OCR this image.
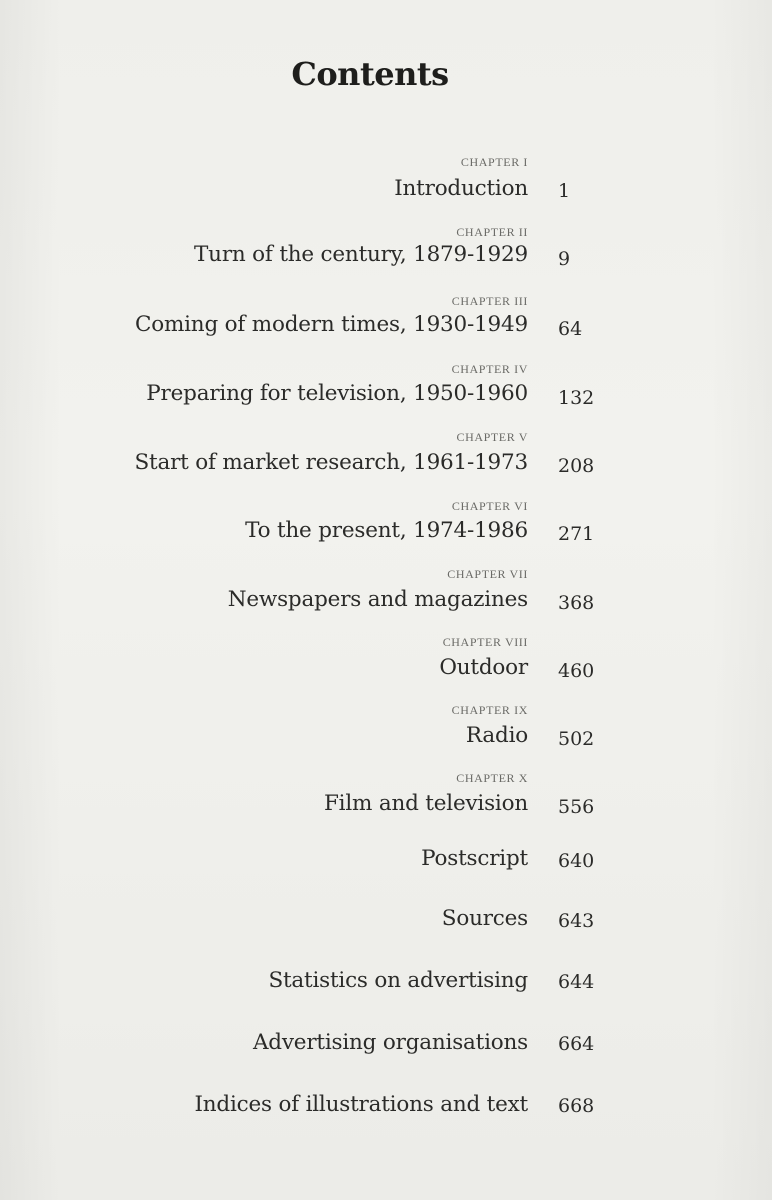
Contents
CHAPTER I
Introduction 1
CHAPTER II
Turn of the century, 1879-1929 9
CHAPTER III
Coming of modern times, 1930-1949 64
CHAPTER IV
Preparing for television, 1950-1960 132
CHAPTER V
Start of market research, 1961-1973 208
CHAPTER VI
To the present, 1974-1986 271
CHAPTER VII
Newspapers and magazines 368
CHAPTER VIII
Outdoor 460
CHAPTER IX
Radio 502
CHAPTER X
Film and television 556
Postscript 640
Sources 643
Statistics on advertising 644
Advertising organisations 664
Indices of illustrations and text 668
